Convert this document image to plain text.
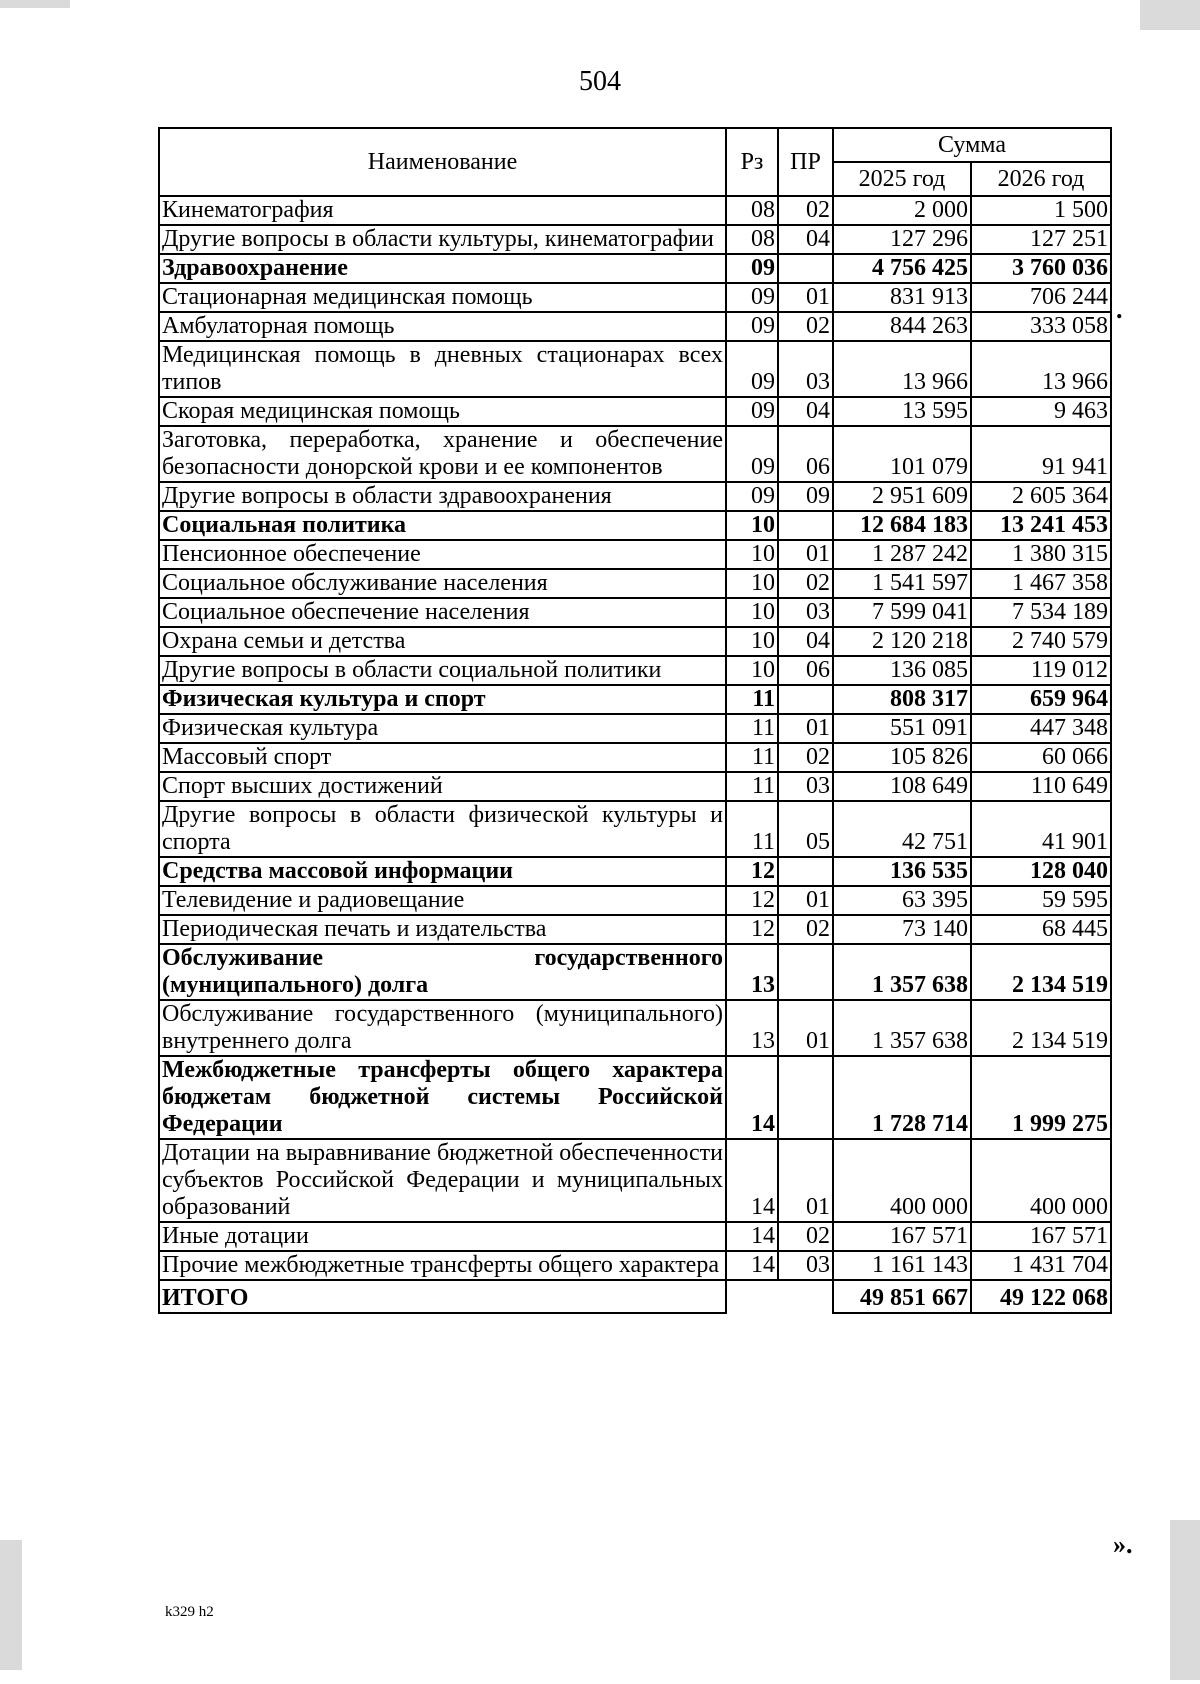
504
Наименование	Рз	ПР	Сумма	
			2025 год	2026 год
Кинематография	08	02	2 000	1 500
Другие вопросы в области культуры, кинематографии	08	04	127 296	127 251
Здравоохранение	09		4 756 425	3 760 036
Стационарная медицинская помощь	09	01	831 913	706 244
Амбулаторная помощь	09	02	844 263	333 058
Медицинская помощь в дневных стационарах всех типов	09	03	13 966	13 966
Скорая медицинская помощь	09	04	13 595	9 463
Заготовка, переработка, хранение и обеспечение безопасности донорской крови и ее компонентов	09	06	101 079	91 941
Другие вопросы в области здравоохранения	09	09	2 951 609	2 605 364
Социальная политика	10		12 684 183	13 241 453
Пенсионное обеспечение	10	01	1 287 242	1 380 315
Социальное обслуживание населения	10	02	1 541 597	1 467 358
Социальное обеспечение населения	10	03	7 599 041	7 534 189
Охрана семьи и детства	10	04	2 120 218	2 740 579
Другие вопросы в области социальной политики	10	06	136 085	119 012
Физическая культура и спорт	11		808 317	659 964
Физическая культура	11	01	551 091	447 348
Массовый спорт	11	02	105 826	60 066
Спорт высших достижений	11	03	108 649	110 649
Другие вопросы в области физической культуры и спорта	11	05	42 751	41 901
Средства массовой информации	12		136 535	128 040
Телевидение и радиовещание	12	01	63 395	59 595
Периодическая печать и издательства	12	02	73 140	68 445
Обслуживание государственного (муниципального) долга	13		1 357 638	2 134 519
Обслуживание государственного (муниципального) внутреннего долга	13	01	1 357 638	2 134 519
Межбюджетные трансферты общего характера бюджетам бюджетной системы Российской Федерации	14		1 728 714	1 999 275
Дотации на выравнивание бюджетной обеспеченности субъектов Российской Федерации и муниципальных образований	14	01	400 000	400 000
Иные дотации	14	02	167 571	167 571
Прочие межбюджетные трансферты общего характера	14	03	1 161 143	1 431 704
ИТОГО			49 851 667	49 122 068
.
».
k329 h2
